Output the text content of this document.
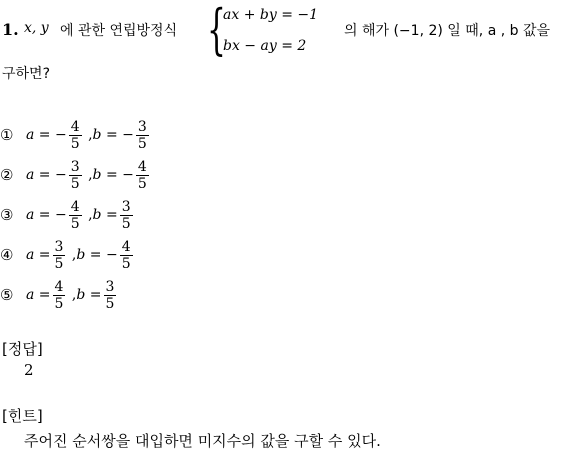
1. x, y 에 관한 연립방정식 {
ax + by = −1
bx − ay = 2
의 해가 (−1, 2) 일 때, a , b 값을
구하면?
① a = − $\frac{4}{5}$ , b = − $\frac{3}{5}$
② a = − $\frac{3}{5}$ , b = − $\frac{4}{5}$
③ a = − $\frac{4}{5}$ , $b = \frac{3}{5}$
④ $a = \frac{3}{5}$ , b = − $\frac{4}{5}$
⑤ $a = \frac{4}{5}$ , $b = \frac{3}{5}$
[정답]
2
[힌트]
주어진 순서쌍을 대입하면 미지수의 값을 구할 수 있다.
